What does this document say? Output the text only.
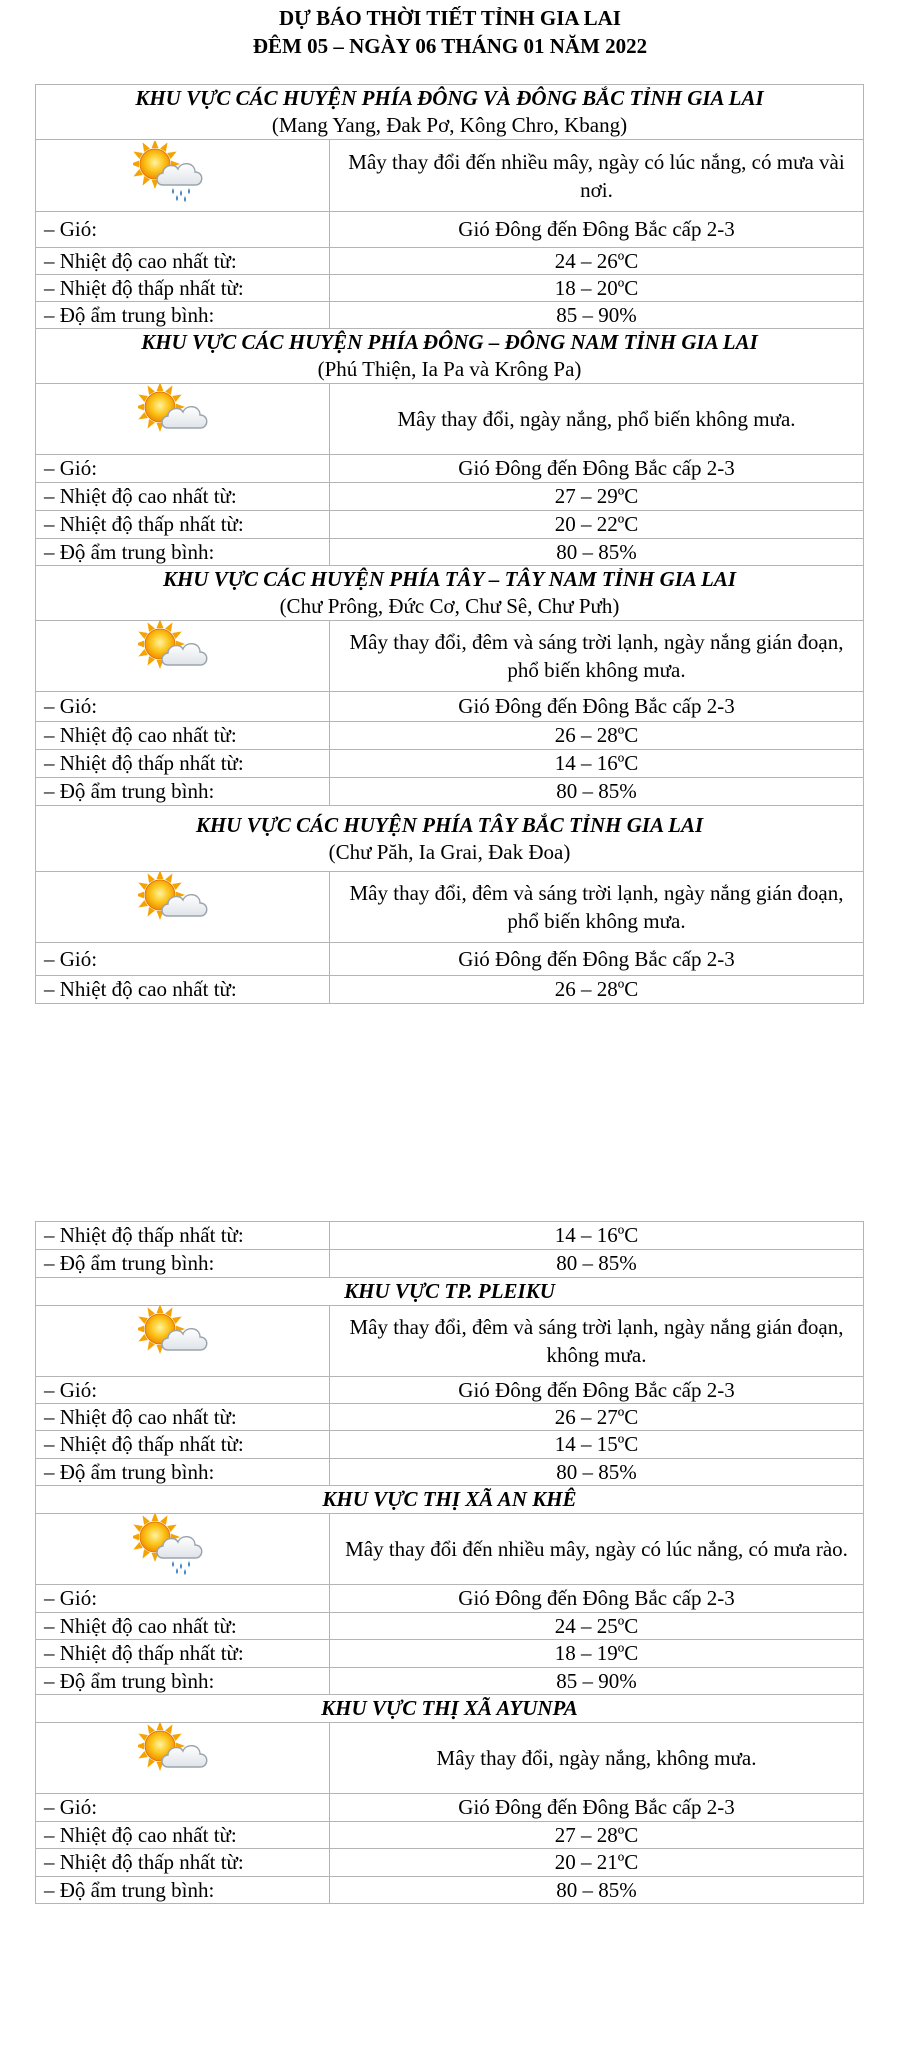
DỰ BÁO THỜI TIẾT TỈNH GIA LAI
ĐÊM 05 – NGÀY 06 THÁNG 01 NĂM 2022
KHU VỰC CÁC HUYỆN PHÍA ĐÔNG VÀ ĐÔNG BẮC TỈNH GIA LAI
(Mang Yang, Đak Pơ, Kông Chro, Kbang)	

	Mây thay đổi đến nhiều mây, ngày có lúc nắng, có mưa vài nơi.
– Gió:	Gió Đông đến Đông Bắc cấp 2-3
– Nhiệt độ cao nhất từ:	24 – 26ºC
– Nhiệt độ thấp nhất từ:	18 – 20ºC
– Độ ẩm trung bình:	85 – 90%

KHU VỰC CÁC HUYỆN PHÍA ĐÔNG – ĐÔNG NAM TỈNH GIA LAI
(Phú Thiện, Ia Pa và Krông Pa)	

	Mây thay đổi, ngày nắng, phổ biến không mưa.
– Gió:	Gió Đông đến Đông Bắc cấp 2-3
– Nhiệt độ cao nhất từ:	27 – 29ºC
– Nhiệt độ thấp nhất từ:	20 – 22ºC
– Độ ẩm trung bình:	80 – 85%

KHU VỰC CÁC HUYỆN PHÍA TÂY – TÂY NAM TỈNH GIA LAI
(Chư Prông, Đức Cơ, Chư Sê, Chư Pưh)	

	Mây thay đổi, đêm và sáng trời lạnh, ngày nắng gián đoạn, phổ biến không mưa.
– Gió:	Gió Đông đến Đông Bắc cấp 2-3
– Nhiệt độ cao nhất từ:	26 – 28ºC
– Nhiệt độ thấp nhất từ:	14 – 16ºC
– Độ ẩm trung bình:	80 – 85%

KHU VỰC CÁC HUYỆN PHÍA TÂY BẮC TỈNH GIA LAI
(Chư Păh, Ia Grai, Đak Đoa)	

	Mây thay đổi, đêm và sáng trời lạnh, ngày nắng gián đoạn, phổ biến không mưa.
– Gió:	Gió Đông đến Đông Bắc cấp 2-3
– Nhiệt độ cao nhất từ:	26 – 28ºC
– Nhiệt độ thấp nhất từ:	14 – 16ºC
– Độ ẩm trung bình:	80 – 85%

KHU VỰC TP. PLEIKU	

	Mây thay đổi, đêm và sáng trời lạnh, ngày nắng gián đoạn, không mưa.
– Gió:	Gió Đông đến Đông Bắc cấp 2-3
– Nhiệt độ cao nhất từ:	26 – 27ºC
– Nhiệt độ thấp nhất từ:	14 – 15ºC
– Độ ẩm trung bình:	80 – 85%

KHU VỰC THỊ XÃ AN KHÊ	

	Mây thay đổi đến nhiều mây, ngày có lúc nắng, có mưa rào.
– Gió:	Gió Đông đến Đông Bắc cấp 2-3
– Nhiệt độ cao nhất từ:	24 – 25ºC
– Nhiệt độ thấp nhất từ:	18 – 19ºC
– Độ ẩm trung bình:	85 – 90%

KHU VỰC THỊ XÃ AYUNPA	

	Mây thay đổi, ngày nắng, không mưa.
– Gió:	Gió Đông đến Đông Bắc cấp 2-3
– Nhiệt độ cao nhất từ:	27 – 28ºC
– Nhiệt độ thấp nhất từ:	20 – 21ºC
– Độ ẩm trung bình:	80 – 85%
